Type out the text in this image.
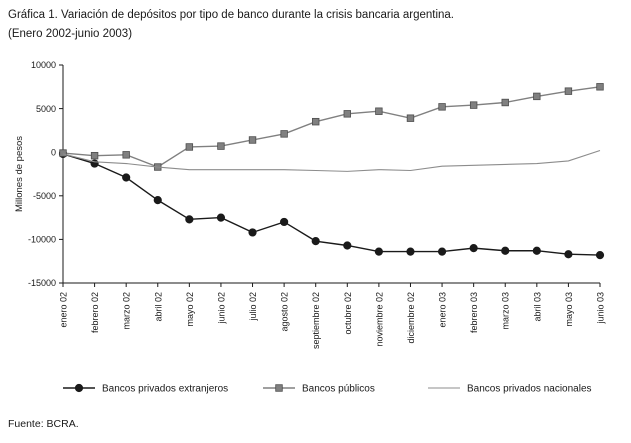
Gráfica 1. Variación de depósitos por tipo de banco durante la crisis bancaria argentina.
(Enero 2002-junio 2003)
-15000
-10000
-5000
0
5000
10000
Millones de pesos
enero 02 febrero 02 marzo 02 abril 02 mayo 02 junio 02 julio 02 agosto 02 septiembre 02 octubre 02 noviembre 02 diciembre 02 enero 03 febrero 03 marzo 03 abril 03 mayo 03 junio 03
Bancos privados extranjeros	Bancos públicos	Bancos privados nacionales
Fuente: BCRA.
